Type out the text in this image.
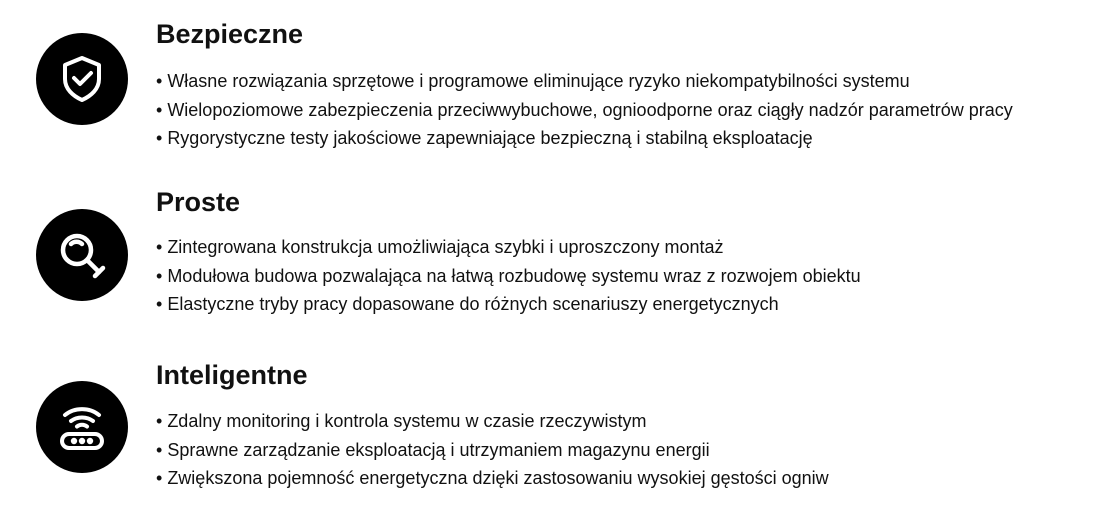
Bezpieczne
• Własne rozwiązania sprzętowe i programowe eliminujące ryzyko niekompatybilności systemu
• Wielopoziomowe zabezpieczenia przeciwwybuchowe, ognioodporne oraz ciągły nadzór parametrów pracy
• Rygorystyczne testy jakościowe zapewniające bezpieczną i stabilną eksploatację
Proste
• Zintegrowana konstrukcja umożliwiająca szybki i uproszczony montaż
• Modułowa budowa pozwalająca na łatwą rozbudowę systemu wraz z rozwojem obiektu
• Elastyczne tryby pracy dopasowane do różnych scenariuszy energetycznych
Inteligentne
• Zdalny monitoring i kontrola systemu w czasie rzeczywistym
• Sprawne zarządzanie eksploatacją i utrzymaniem magazynu energii
• Zwiększona pojemność energetyczna dzięki zastosowaniu wysokiej gęstości ogniw
